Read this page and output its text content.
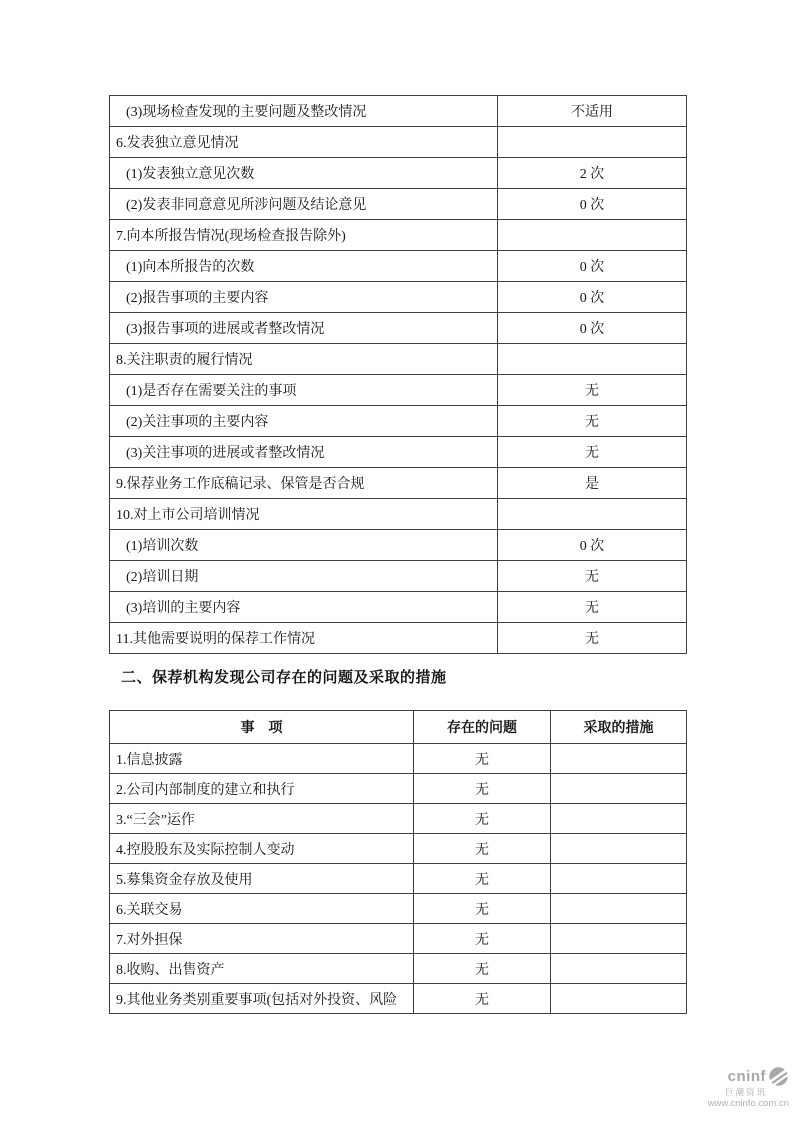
(3)现场检查发现的主要问题及整改情况	不适用
6.发表独立意见情况	
(1)发表独立意见次数	2 次
(2)发表非同意意见所涉问题及结论意见	0 次
7.向本所报告情况(现场检查报告除外)	
(1)向本所报告的次数	0 次
(2)报告事项的主要内容	0 次
(3)报告事项的进展或者整改情况	0 次
8.关注职责的履行情况	
(1)是否存在需要关注的事项	无
(2)关注事项的主要内容	无
(3)关注事项的进展或者整改情况	无
9.保荐业务工作底稿记录、保管是否合规	是
10.对上市公司培训情况	
(1)培训次数	0 次
(2)培训日期	无
(3)培训的主要内容	无
11.其他需要说明的保荐工作情况	无
二、保荐机构发现公司存在的问题及采取的措施
事　项	存在的问题	采取的措施
1.信息披露	无	
2.公司内部制度的建立和执行	无	
3.“三会”运作	无	
4.控股股东及实际控制人变动	无	
5.募集资金存放及使用	无	
6.关联交易	无	
7.对外担保	无	
8.收购、出售资产	无	
9.其他业务类别重要事项(包括对外投资、风险	无	
cninf
巨潮资讯
www.cninfo.com.cn
